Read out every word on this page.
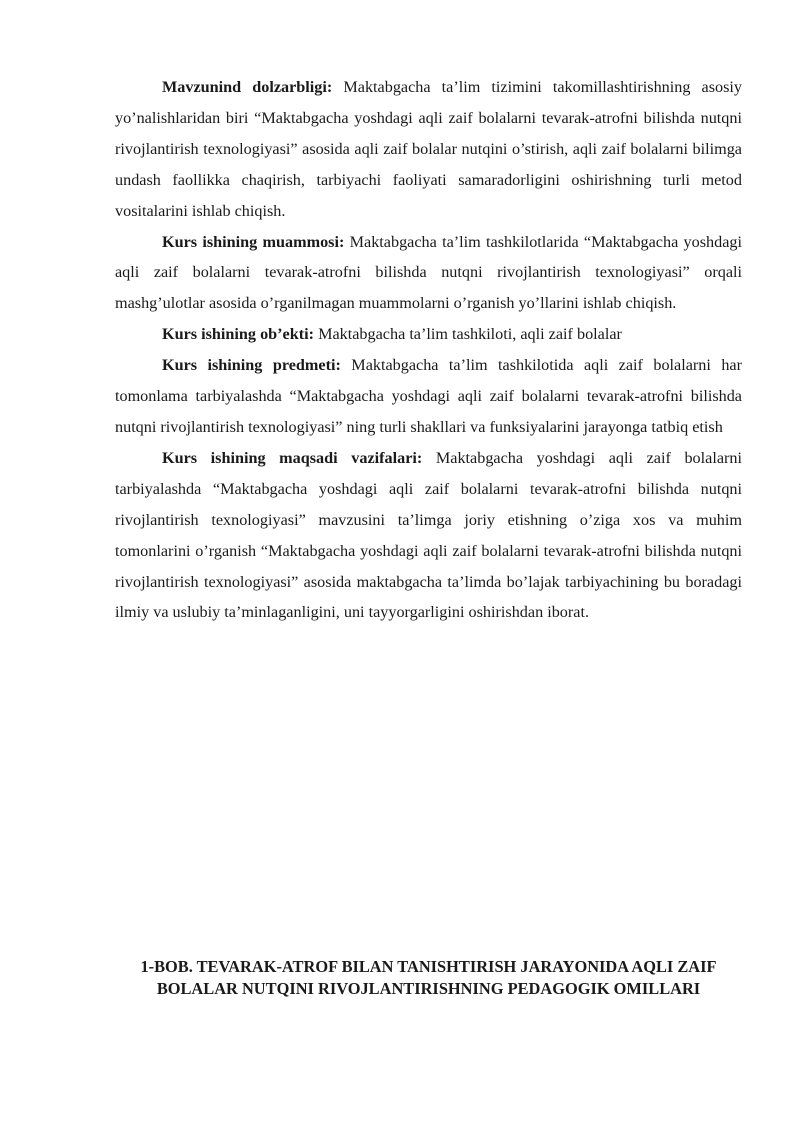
Mavzunind dolzarbligi: Maktabgacha ta’lim tizimini takomillashtirishning asosiy yo’nalishlaridan biri “Maktabgacha yoshdagi aqli zaif bolalarni tevarak-atrofni bilishda nutqni rivojlantirish texnologiyasi” asosida aqli zaif bolalar nutqini o’stirish, aqli zaif bolalarni bilimga undash faollikka chaqirish, tarbiyachi faoliyati samaradorligini oshirishning turli metod vositalarini ishlab chiqish.

Kurs ishining muammosi: Maktabgacha ta’lim tashkilotlarida “Maktabgacha yoshdagi aqli zaif bolalarni tevarak-atrofni bilishda nutqni rivojlantirish texnologiyasi” orqali mashg’ulotlar asosida o’rganilmagan muammolarni o’rganish yo’llarini ishlab chiqish.

Kurs ishining ob’ekti: Maktabgacha ta’lim tashkiloti, aqli zaif bolalar

Kurs ishining predmeti: Maktabgacha ta’lim tashkilotida aqli zaif bolalarni har tomonlama tarbiyalashda “Maktabgacha yoshdagi aqli zaif bolalarni tevarak-atrofni bilishda nutqni rivojlantirish texnologiyasi” ning turli shakllari va funksiyalarini jarayonga tatbiq etish

Kurs ishining maqsadi vazifalari: Maktabgacha yoshdagi aqli zaif bolalarni tarbiyalashda “Maktabgacha yoshdagi aqli zaif bolalarni tevarak-atrofni bilishda nutqni rivojlantirish texnologiyasi” mavzusini ta’limga joriy etishning o’ziga xos va muhim tomonlarini o’rganish “Maktabgacha yoshdagi aqli zaif bolalarni tevarak-atrofni bilishda nutqni rivojlantirish texnologiyasi” asosida maktabgacha ta’limda bo’lajak tarbiyachining bu boradagi ilmiy va uslubiy ta’minlaganligini, uni tayyorgarligini oshirishdan iborat.

1-BOB. TEVARAK-ATROF BILAN TANISHTIRISH JARAYONIDA AQLI ZAIF BOLALAR NUTQINI RIVOJLANTIRISHNING PEDAGOGIK OMILLARI
